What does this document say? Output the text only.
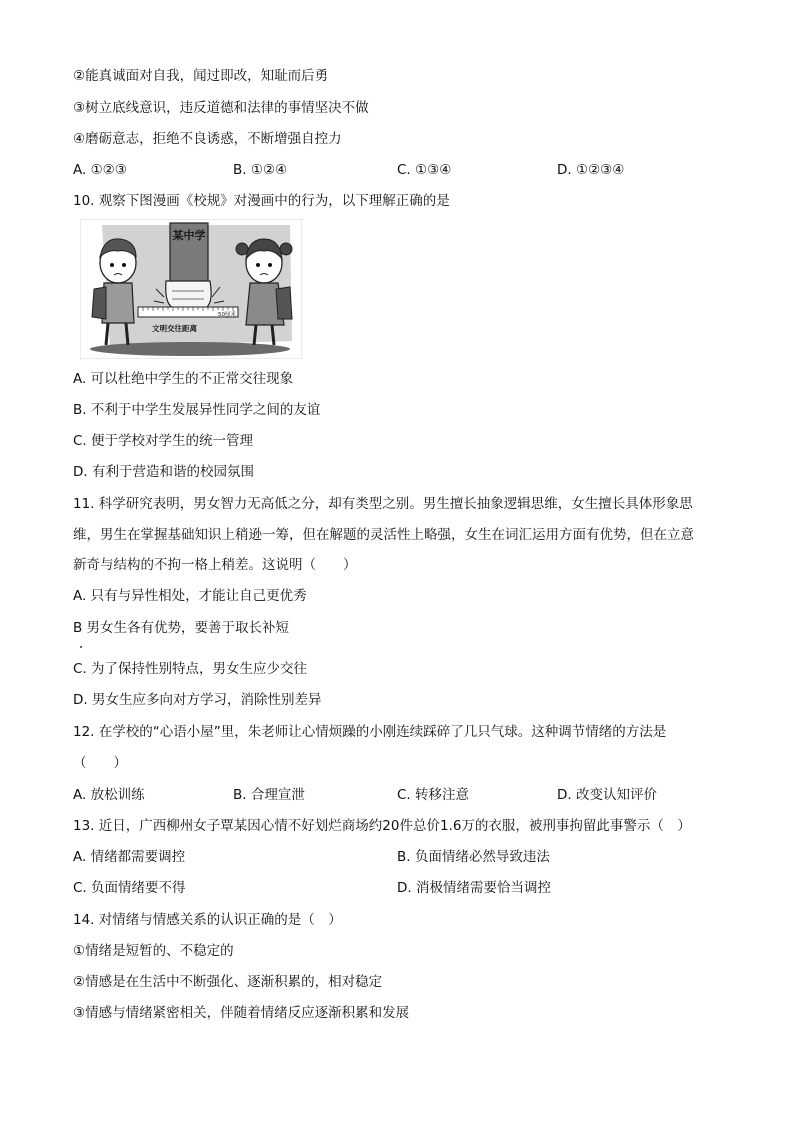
②能真诚面对自我，闻过即改，知耻而后勇
③树立底线意识，违反道德和法律的事情坚决不做
④磨砺意志，拒绝不良诱惑，不断增强自控力
A. ①②③	B. ①②④	C. ①③④	D. ①②③④
10. 观察下图漫画《校规》对漫画中的行为，以下理解正确的是
某中学
50厘米
文明交往距离
A. 可以杜绝中学生的不正常交往现象
B. 不利于中学生发展异性同学之间的友谊
C. 便于学校对学生的统一管理
D. 有利于营造和谐的校园氛围
11. 科学研究表明，男女智力无高低之分，却有类型之别。男生擅长抽象逻辑思维，女生擅长具体形象思
维，男生在掌握基础知识上稍逊一筹，但在解题的灵活性上略强，女生在词汇运用方面有优势，但在立意
新奇与结构的不拘一格上稍差。这说明（　　）
A. 只有与异性相处，才能让自己更优秀
B 男女生各有优势，要善于取长补短
C. 为了保持性别特点，男女生应少交往
D. 男女生应多向对方学习，消除性别差异
12. 在学校的“心语小屋”里，朱老师让心情烦躁的小刚连续踩碎了几只气球。这种调节情绪的方法是
（　　）
A. 放松训练	B. 合理宣泄	C. 转移注意	D. 改变认知评价
13. 近日，广西柳州女子覃某因心情不好划烂商场约20件总价1.6万的衣服，被刑事拘留此事警示（　）
A. 情绪都需要调控	B. 负面情绪必然导致违法
C. 负面情绪要不得	D. 消极情绪需要恰当调控
14. 对情绪与情感关系的认识正确的是（　）
①情绪是短暂的、不稳定的
②情感是在生活中不断强化、逐渐积累的，相对稳定
③情感与情绪紧密相关，伴随着情绪反应逐渐积累和发展
